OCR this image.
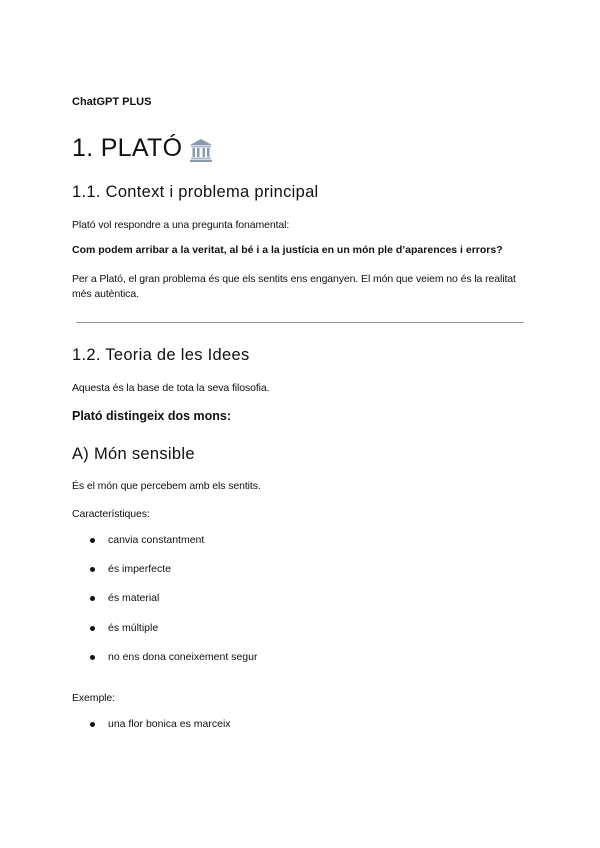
ChatGPT PLUS
1. PLATÓ
1.1. Context i problema principal
Plató vol respondre a una pregunta fonamental:
Com podem arribar a la veritat, al bé i a la justícia en un món ple d’aparences i errors?
Per a Plató, el gran problema és que els sentits ens enganyen. El món que veiem no és la realitat més autèntica.
1.2. Teoria de les Idees
Aquesta és la base de tota la seva filosofia.
Plató distingeix dos mons:
A) Món sensible
És el món que percebem amb els sentits.
Característiques:
canvia constantment
és imperfecte
és material
és múltiple
no ens dona coneixement segur
Exemple:
una flor bonica es marceix
